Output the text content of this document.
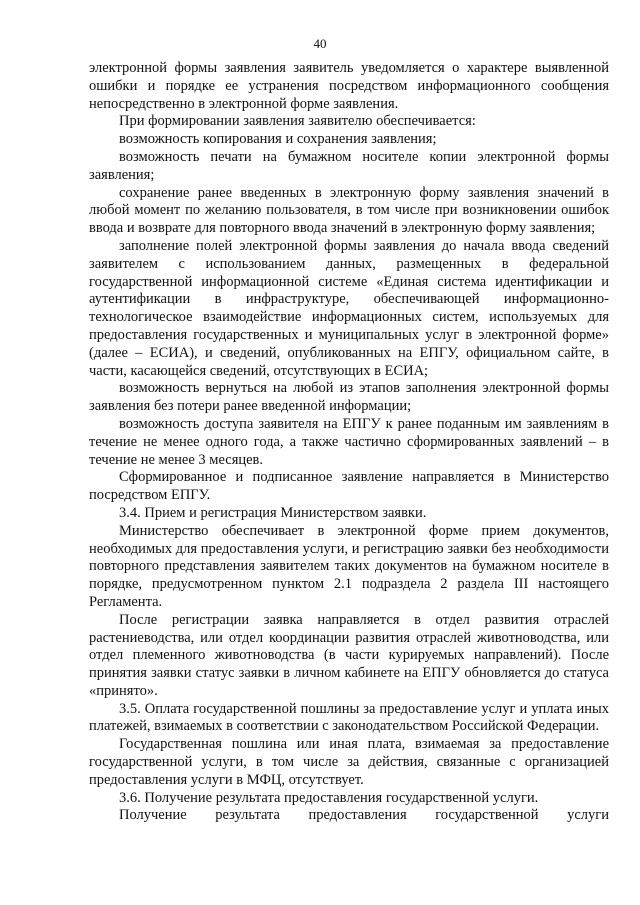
40

электронной формы заявления заявитель уведомляется о характере выявленной ошибки и порядке ее устранения посредством информационного сообщения непосредственно в электронной форме заявления.

При формировании заявления заявителю обеспечивается:

возможность копирования и сохранения заявления;

возможность печати на бумажном носителе копии электронной формы заявления;

сохранение ранее введенных в электронную форму заявления значений в любой момент по желанию пользователя, в том числе при возникновении ошибок ввода и возврате для повторного ввода значений в электронную форму заявления;

заполнение полей электронной формы заявления до начала ввода сведений заявителем с использованием данных, размещенных в федеральной государственной информационной системе «Единая система идентификации и аутентификации в инфраструктуре, обеспечивающей информационно-технологическое взаимодействие информационных систем, используемых для предоставления государственных и муниципальных услуг в электронной форме» (далее – ЕСИА), и сведений, опубликованных на ЕПГУ, официальном сайте, в части, касающейся сведений, отсутствующих в ЕСИА;

возможность вернуться на любой из этапов заполнения электронной формы заявления без потери ранее введенной информации;

возможность доступа заявителя на ЕПГУ к ранее поданным им заявлениям в течение не менее одного года, а также частично сформированных заявлений – в течение не менее 3 месяцев.

Сформированное и подписанное заявление направляется в Министерство посредством ЕПГУ.

3.4. Прием и регистрация Министерством заявки.

Министерство обеспечивает в электронной форме прием документов, необходимых для предоставления услуги, и регистрацию заявки без необходимости повторного представления заявителем таких документов на бумажном носителе в порядке, предусмотренном пунктом 2.1 подраздела 2 раздела III настоящего Регламента.

После регистрации заявка направляется в отдел развития отраслей растениеводства, или отдел координации развития отраслей животноводства, или отдел племенного животноводства (в части курируемых направлений). После принятия заявки статус заявки в личном кабинете на ЕПГУ обновляется до статуса «принято».

3.5. Оплата государственной пошлины за предоставление услуг и уплата иных платежей, взимаемых в соответствии с законодательством Российской Федерации.

Государственная пошлина или иная плата, взимаемая за предоставление государственной услуги, в том числе за действия, связанные с организацией предоставления услуги в МФЦ, отсутствует.

3.6. Получение результата предоставления государственной услуги.

Получение результата предоставления государственной услуги
